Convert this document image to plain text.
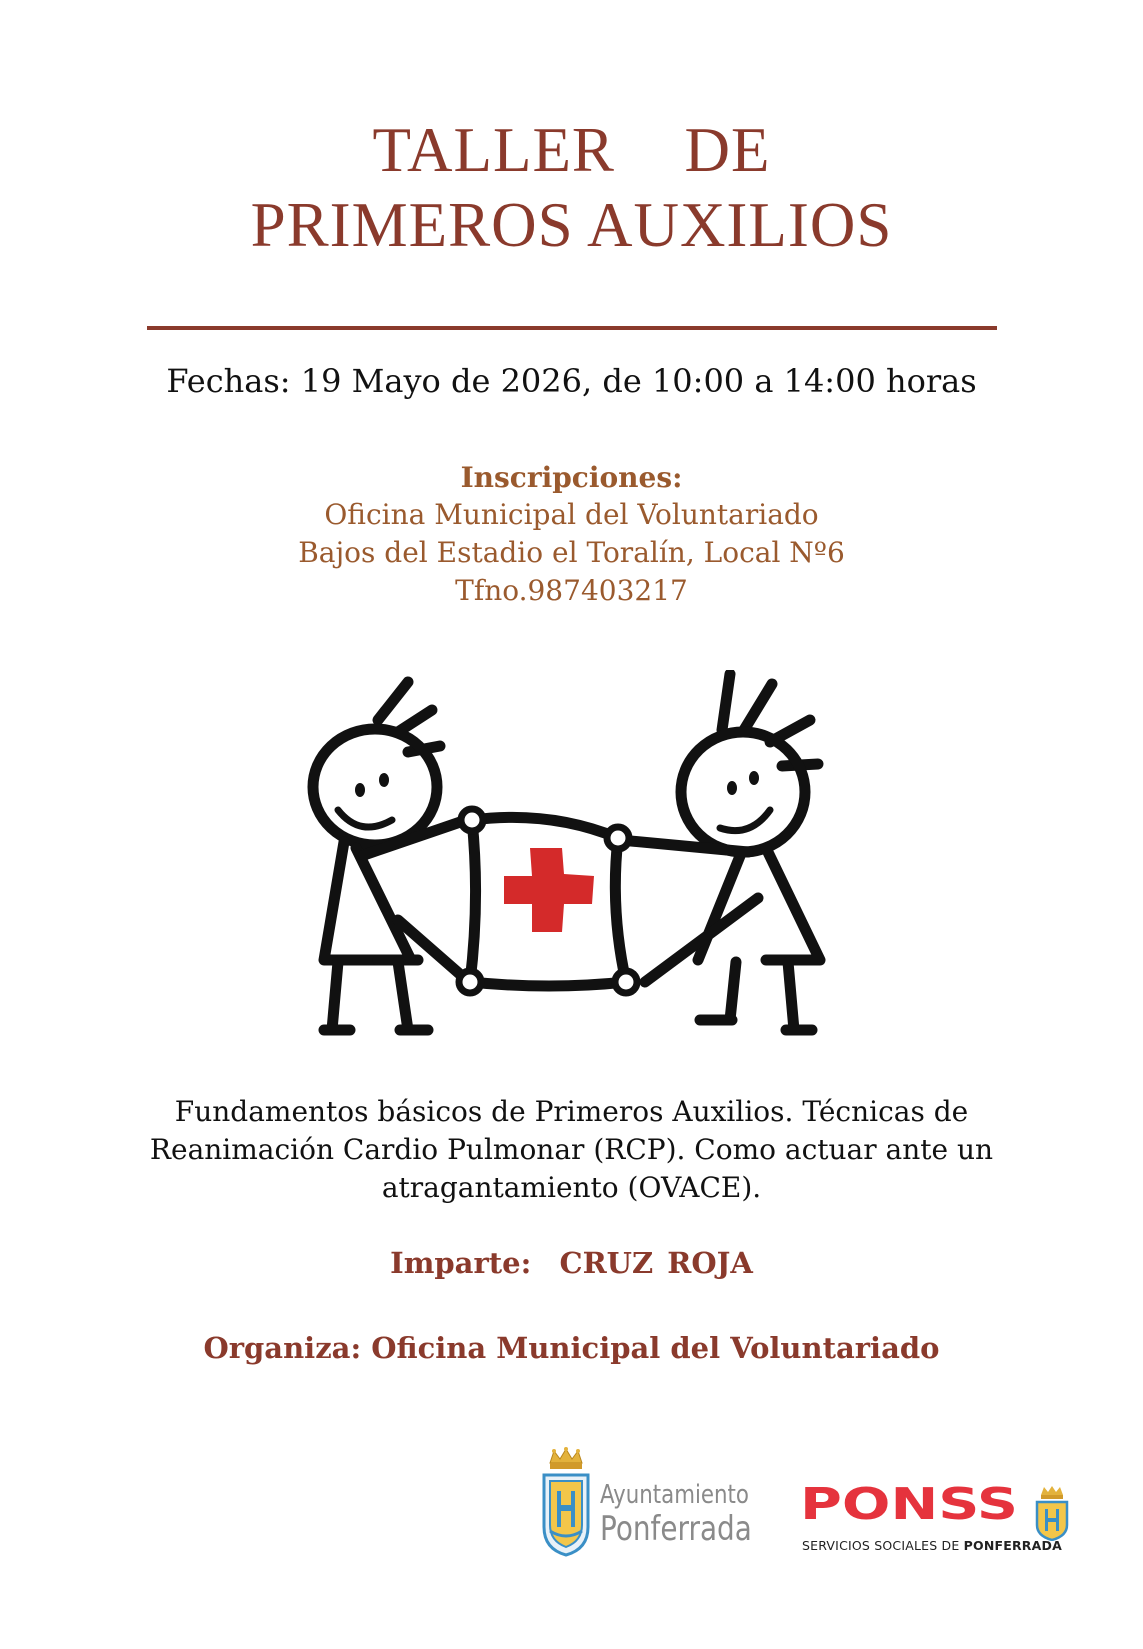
TALLER  DE
PRIMEROS AUXILIOS
Fechas: 19 Mayo de 2026, de 10:00 a 14:00 horas
Inscripciones:
Oficina Municipal del Voluntariado
Bajos del Estadio el Toralín, Local Nº6
Tfno.987403217
Fundamentos básicos de Primeros Auxilios. Técnicas de Reanimación Cardio Pulmonar (RCP). Como actuar ante un atragantamiento (OVACE).
Imparte:  CRUZ ROJA
Organiza: Oficina Municipal del Voluntariado
Ayuntamiento
Ponferrada PONSS
SERVICIOS SOCIALES DE PONFERRADA
